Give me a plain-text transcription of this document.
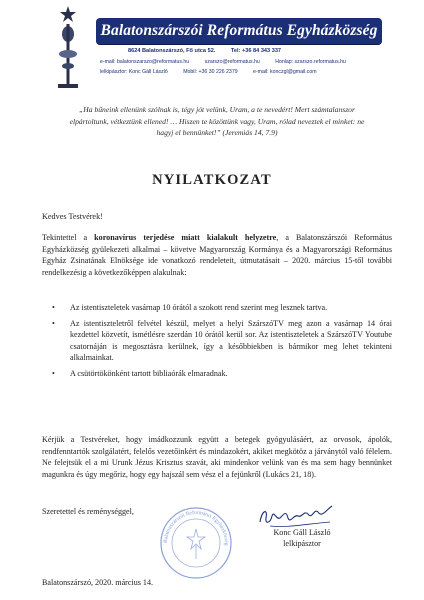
Balatonszárszói Református Egyházközség
8624 Balatonszárszó, Fő utca 52.	Tel: +36 84 343 337
e-mail: balatonszarszo@reformatus.hu	szarszo@reformatus.hu	Honlap: szarszo.reformatus.hu
lelkipásztor: Konc Gáll László	Mobil: +36 30 226 2379	e-mail: konczgl@gmail.com

„Ha bűneink ellenünk szólnak is, tégy jót velünk, Uram, a te nevedért! Mert számtalanszor elpártoltunk, vétkeztünk ellened! … Hiszen te közöttünk vagy, Uram, rólad neveztek el minket: ne hagyj el bennünket!” (Jeremiás 14, 7.9)

NYILATKOZAT

Kedves Testvérek!

Tekintettel a koronavírus terjedése miatt kialakult helyzetre, a Balatonszárszói Református Egyházközség gyülekezeti alkalmai – követve Magyarország Kormánya és a Magyarországi Református Egyház Zsinatának Elnöksége ide vonatkozó rendeleteit, útmutatásait – 2020. március 15-től további rendelkezésig a következőképpen alakulnak:

• Az istentiszteletek vasárnap 10 órától a szokott rend szerint meg lesznek tartva.
• Az istentiszteletről felvétel készül, melyet a helyi SzárszóTV meg azon a vasárnap 14 órai kezdettel közvetít, ismétlésre szerdán 10 órától kerül sor. Az istentiszteletek a SzárszóTV Youtube csatornáján is megosztásra kerülnek, így a későbbiekben is bármikor meg lehet tekinteni alkalmainkat.
• A csütörtökönként tartott bibliaórák elmaradnak.

Kérjük a Testvéreket, hogy imádkozzunk együtt a betegek gyógyulásáért, az orvosok, ápolók, rendfenntartók szolgálatért, felelős vezetőinkért és mindazokért, akiket megkötöz a járványtól való félelem. Ne felejtsük el a mi Urunk Jézus Krisztus szavát, aki mindenkor velünk van és ma sem hagy bennünket magunkra és úgy megőriz, hogy egy hajszál sem vész el a fejünkről (Lukács 21, 18).

Szeretettel és reménységgel,

Balatonszárszói Református Egyházközség
Konc Gáll László
lelkipásztor

Balatonszárszó, 2020. március 14.
